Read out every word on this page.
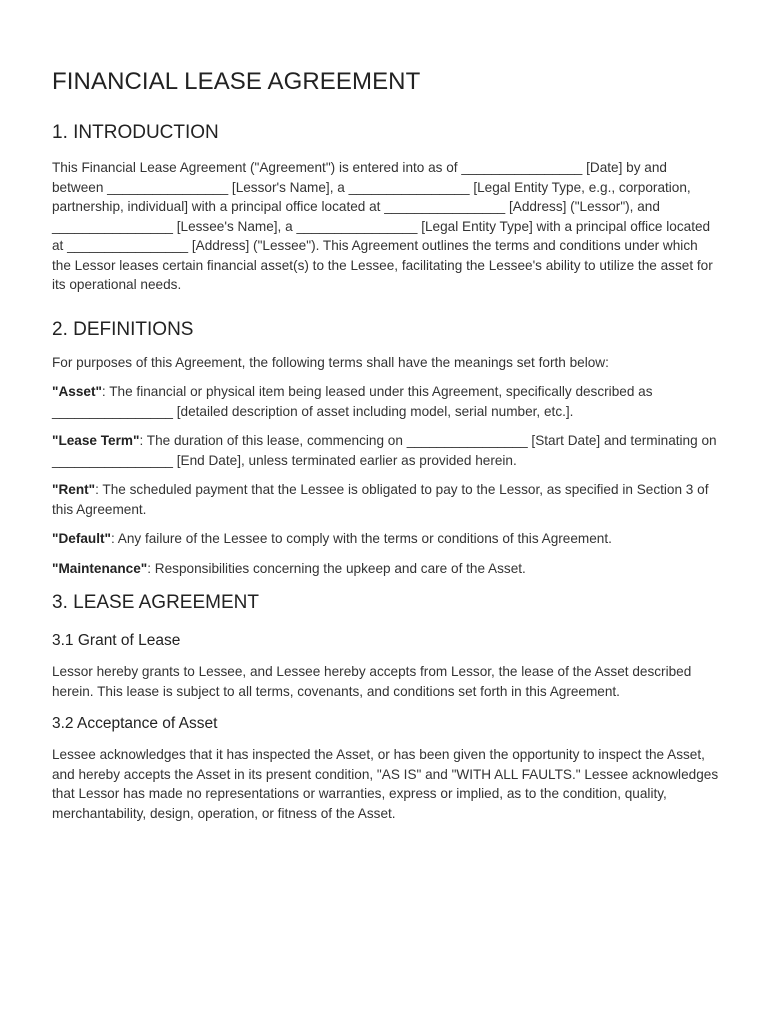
FINANCIAL LEASE AGREEMENT
1. INTRODUCTION

This Financial Lease Agreement ("Agreement") is entered into as of ________________ [Date] by and between ________________ [Lessor's Name], a ________________ [Legal Entity Type, e.g., corporation, partnership, individual] with a principal office located at ________________ [Address] ("Lessor"), and ________________ [Lessee's Name], a ________________ [Legal Entity Type] with a principal office located at ________________ [Address] ("Lessee"). This Agreement outlines the terms and conditions under which the Lessor leases certain financial asset(s) to the Lessee, facilitating the Lessee's ability to utilize the asset for its operational needs.

2. DEFINITIONS

For purposes of this Agreement, the following terms shall have the meanings set forth below:

"Asset": The financial or physical item being leased under this Agreement, specifically described as ________________ [detailed description of asset including model, serial number, etc.].

"Lease Term": The duration of this lease, commencing on ________________ [Start Date] and terminating on ________________ [End Date], unless terminated earlier as provided herein.

"Rent": The scheduled payment that the Lessee is obligated to pay to the Lessor, as specified in Section 3 of this Agreement.

"Default": Any failure of the Lessee to comply with the terms or conditions of this Agreement.

"Maintenance": Responsibilities concerning the upkeep and care of the Asset.

3. LEASE AGREEMENT
3.1 Grant of Lease

Lessor hereby grants to Lessee, and Lessee hereby accepts from Lessor, the lease of the Asset described herein. This lease is subject to all terms, covenants, and conditions set forth in this Agreement.

3.2 Acceptance of Asset

Lessee acknowledges that it has inspected the Asset, or has been given the opportunity to inspect the Asset, and hereby accepts the Asset in its present condition, "AS IS" and "WITH ALL FAULTS." Lessee acknowledges that Lessor has made no representations or warranties, express or implied, as to the condition, quality, merchantability, design, operation, or fitness of the Asset.
